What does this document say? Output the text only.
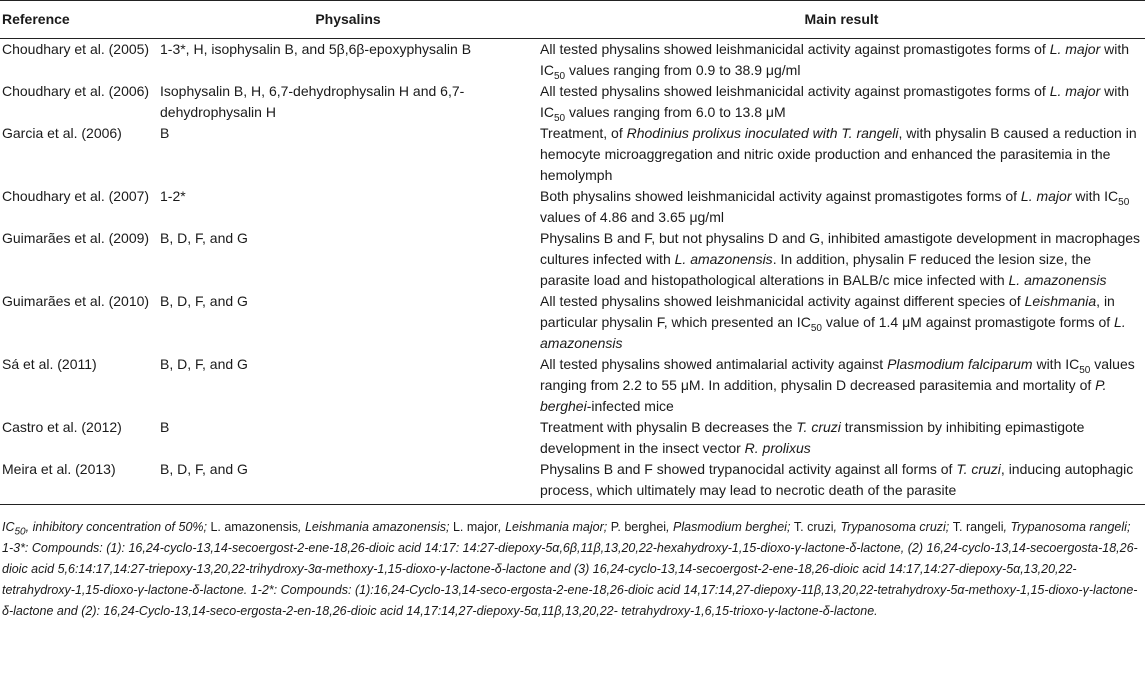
Reference	Physalins	Main result
Choudhary et al. (2005)	1-3*, H, isophysalin B, and 5β,6β-epoxyphysalin B	All tested physalins showed leishmanicidal activity against promastigotes forms of L. major with $IC_{50}$ values ranging from 0.9 to 38.9 μg/ml
Choudhary et al. (2006)	Isophysalin B, H, 6,7-dehydrophysalin H and 6,7-dehydrophysalin H	All tested physalins showed leishmanicidal activity against promastigotes forms of L. major with $IC_{50}$ values ranging from 6.0 to 13.8 μM
Garcia et al. (2006)	B	Treatment, of Rhodinius prolixus inoculated with T. rangeli, with physalin B caused a reduction in hemocyte microaggregation and nitric oxide production and enhanced the parasitemia in the hemolymph
Choudhary et al. (2007)	1-2*	Both physalins showed leishmanicidal activity against promastigotes forms of L. major with $IC_{50}$ values of 4.86 and 3.65 μg/ml
Guimarães et al. (2009)	B, D, F, and G	Physalins B and F, but not physalins D and G, inhibited amastigote development in macrophages cultures infected with L. amazonensis. In addition, physalin F reduced the lesion size, the parasite load and histopathological alterations in BALB/c mice infected with L. amazonensis
Guimarães et al. (2010)	B, D, F, and G	All tested physalins showed leishmanicidal activity against different species of Leishmania, in particular physalin F, which presented an $IC_{50}$ value of 1.4 μM against promastigote forms of L. amazonensis
Sá et al. (2011)	B, D, F, and G	All tested physalins showed antimalarial activity against Plasmodium falciparum with $IC_{50}$ values ranging from 2.2 to 55 μM. In addition, physalin D decreased parasitemia and mortality of P. berghei-infected mice
Castro et al. (2012)	B	Treatment with physalin B decreases the T. cruzi transmission by inhibiting epimastigote development in the insect vector R. prolixus
Meira et al. (2013)	B, D, F, and G	Physalins B and F showed trypanocidal activity against all forms of T. cruzi, inducing autophagic process, which ultimately may lead to necrotic death of the parasite
$IC_{50}$, inhibitory concentration of 50%; L. amazonensis, Leishmania amazonensis; L. major, Leishmania major; P. berghei, Plasmodium berghei; T. cruzi, Trypanosoma cruzi; T. rangeli, Trypanosoma rangeli; 1-3*: Compounds: (1): 16,24-cyclo-13,14-secoergost-2-ene-18,26-dioic acid 14:17: 14:27-diepoxy-5α,6β,11β,13,20,22-hexahydroxy-1,15-dioxo-γ-lactone-δ-lactone, (2) 16,24-cyclo-13,14-secoergosta-18,26-dioic acid 5,6:14:17,14:27-triepoxy-13,20,22-trihydroxy-3α-methoxy-1,15-dioxo-γ-lactone-δ-lactone and (3) 16,24-cyclo-13,14-secoergost-2-ene-18,26-dioic acid 14:17,14:27-diepoxy-5α,13,20,22-tetrahydroxy-1,15-dioxo-γ-lactone-δ-lactone. 1-2*: Compounds: (1):16,24-Cyclo-13,14-seco-ergosta-2-ene-18,26-dioic acid 14,17:14,27-diepoxy-11β,13,20,22-tetrahydroxy-5α-methoxy-1,15-dioxo-γ-lactone-δ-lactone and (2): 16,24-Cyclo-13,14-seco-ergosta-2-en-18,26-dioic acid 14,17:14,27-diepoxy-5α,11β,13,20,22- tetrahydroxy-1,6,15-trioxo-γ-lactone-δ-lactone.
